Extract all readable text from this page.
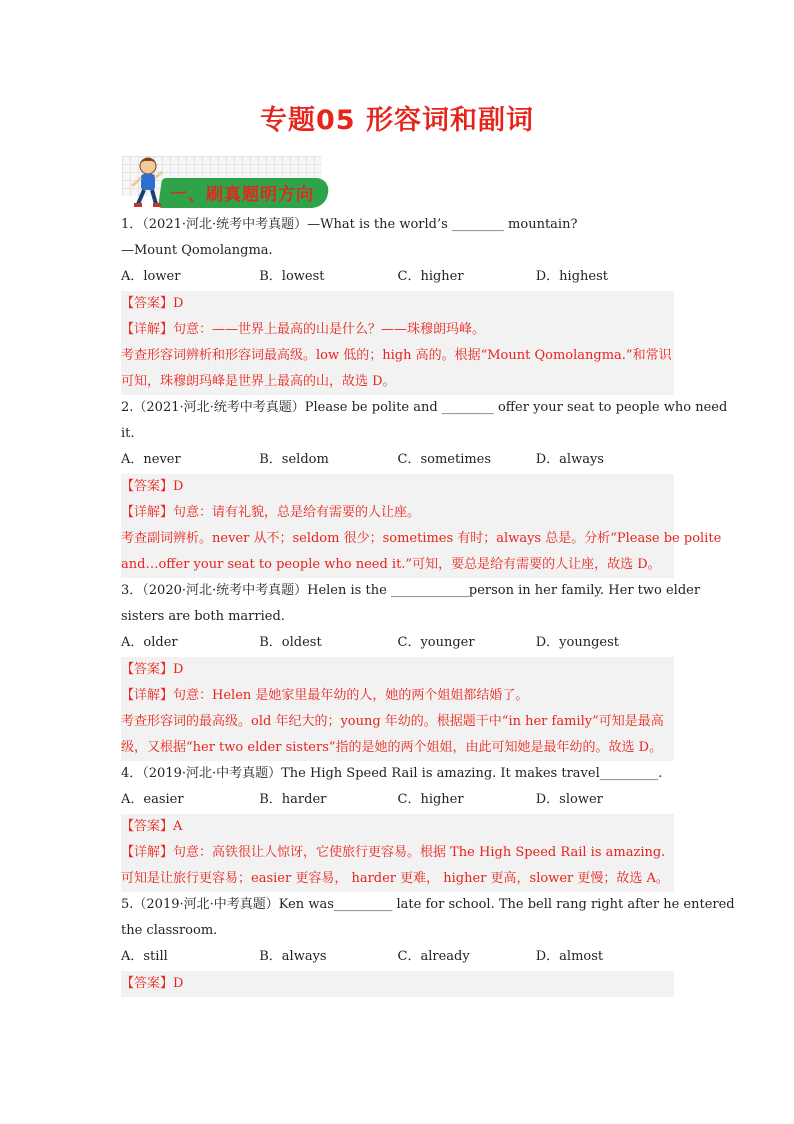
专题05 形容词和副词
一、刷真题明方向
1．（2021·河北·统考中考真题）—What is the world’s ________ mountain?
—Mount Qomolangma.
A．lower	B．lowest	C．higher	D．highest
【答案】D
【详解】句意：——世界上最高的山是什么？——珠穆朗玛峰。
考查形容词辨析和形容词最高级。low 低的；high 高的。根据“Mount Qomolangma.”和常识
可知，珠穆朗玛峰是世界上最高的山，故选 D。
2.（2021·河北·统考中考真题）Please be polite and ________ offer your seat to people who need
it.
A．never	B．seldom	C．sometimes	D．always
【答案】D
【详解】句意：请有礼貌，总是给有需要的人让座。
考查副词辨析。never 从不；seldom 很少；sometimes 有时；always 总是。分析“Please be polite
and…offer your seat to people who need it.”可知，要总是给有需要的人让座，故选 D。
3．（2020·河北·统考中考真题）Helen is the ____________person in her family. Her two elder
sisters are both married.
A．older	B．oldest	C．younger	D．youngest
【答案】D
【详解】句意：Helen 是她家里最年幼的人，她的两个姐姐都结婚了。
考查形容词的最高级。old 年纪大的；young 年幼的。根据题干中“in her family”可知是最高
级，又根据“her two elder sisters”指的是她的两个姐姐，由此可知她是最年幼的。故选 D。
4．（2019·河北·中考真题）The High Speed Rail is amazing. It makes travel_________.
A．easier	B．harder	C．higher	D．slower
【答案】A
【详解】句意：高铁很让人惊讶，它使旅行更容易。根据 The High Speed Rail is amazing.
可知是让旅行更容易；easier 更容易， harder 更难， higher 更高，slower 更慢；故选 A。
5.（2019·河北·中考真题）Ken was_________ late for school. The bell rang right after he entered
the classroom.
A．still	B．always	C．already	D．almost
【答案】D
